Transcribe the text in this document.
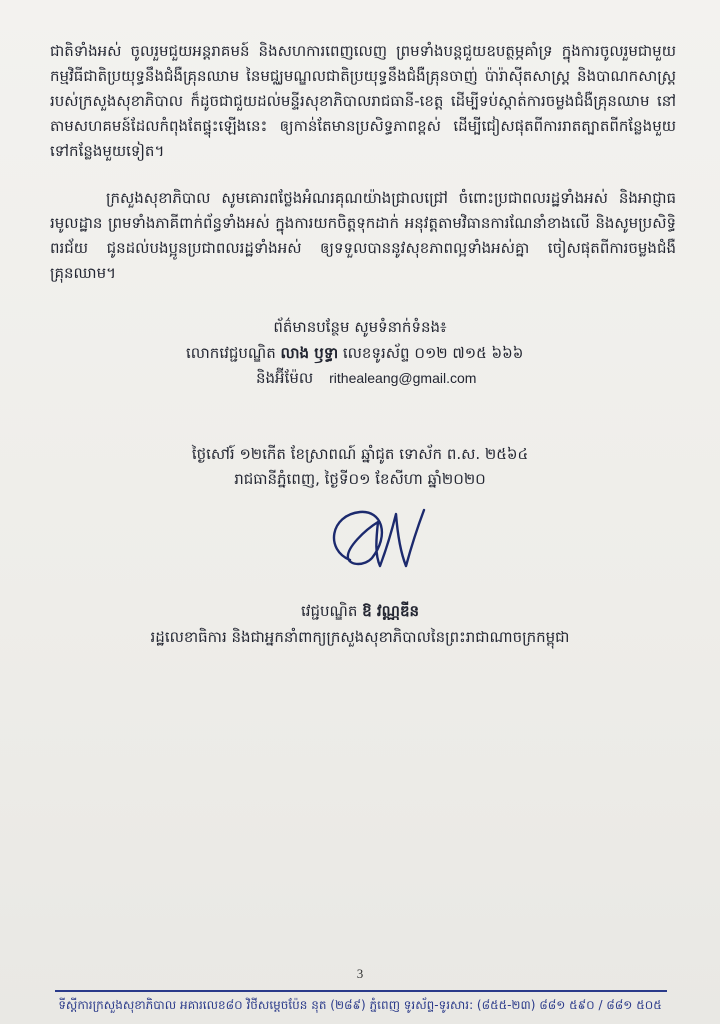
ជាតិទាំងអស់ ចូលរួមជួយអន្តរាគមន៍ និងសហការពេញលេញ ព្រមទាំងបន្តជួយឧបត្ថម្ភគាំទ្រ ក្នុងការចូលរួមជាមួយកម្មវិធីជាតិប្រយុទ្ធនឹងជំងឺគ្រុនឈាម នៃមជ្ឈមណ្ឌលជាតិប្រយុទ្ធនឹងជំងឺគ្រុនចាញ់ ប៉ារ៉ាស៊ីតសាស្ត្រ និងបាណកសាស្ត្រ របស់ក្រសួងសុខាភិបាល ក៏ដូចជាជួយដល់មន្ទីរសុខាភិបាលរាជធានី-ខេត្ត ដើម្បីទប់ស្កាត់ការចម្លងជំងឺគ្រុនឈាម នៅតាមសហគមន៍ដែលកំពុងតែផ្ទុះឡើងនេះ ឲ្យកាន់តែមានប្រសិទ្ធភាពខ្ពស់ ដើម្បីជៀសផុតពីការរាតត្បាតពីកន្លែងមួយទៅកន្លែងមួយទៀត។

ក្រសួងសុខាភិបាល សូមគោរពថ្លែងអំណរគុណយ៉ាងជ្រាលជ្រៅ ចំពោះប្រជាពលរដ្ឋទាំងអស់ និងអាជ្ញាធរមូលដ្ឋាន ព្រមទាំងភាគីពាក់ព័ន្ធទាំងអស់ ក្នុងការយកចិត្តទុកដាក់ អនុវត្តតាមវិធានការណែនាំខាងលើ និងសូមប្រសិទ្ធិពរជ័យ ជូនដល់បងប្អូនប្រជាពលរដ្ឋទាំងអស់ ឲ្យទទួលបាននូវសុខភាពល្អទាំងអស់គ្នា ចៀសផុតពីការចម្លងជំងឺគ្រុនឈាម។

ព័ត៌មានបន្ថែម សូមទំនាក់ទំនង៖
លោកវេជ្ជបណ្ឌិត លាង ឫទ្ធា លេខទូរស័ព្ទ ០១២ ៧១៥ ៦៦៦
និងអ៊ីម៉ែល rithealeang@gmail.com
ថ្ងៃសៅរ៍ ១២កើត ខែស្រាពណ៍ ឆ្នាំជូត ទោស័ក ព.ស. ២៥៦៤
រាជធានីភ្នំពេញ, ថ្ងៃទី០១ ខែសីហា ឆ្នាំ២០២០
វេជ្ជបណ្ឌិត ឱ វណ្ណឌីន
រដ្ឋលេខាធិការ និងជាអ្នកនាំពាក្យក្រសួងសុខាភិបាលនៃព្រះរាជាណាចក្រកម្ពុជា
3
ទីស្តីការក្រសួងសុខាភិបាល អគារលេខ៨០ វិថីសម្តេចប៉ែន នុត (២៨៩) ភ្នំពេញ ទូរស័ព្ទ-ទូរសារ: (៨៥៥-២៣) ៨៨១ ៥៩០ / ៨៨១ ៥០៥
